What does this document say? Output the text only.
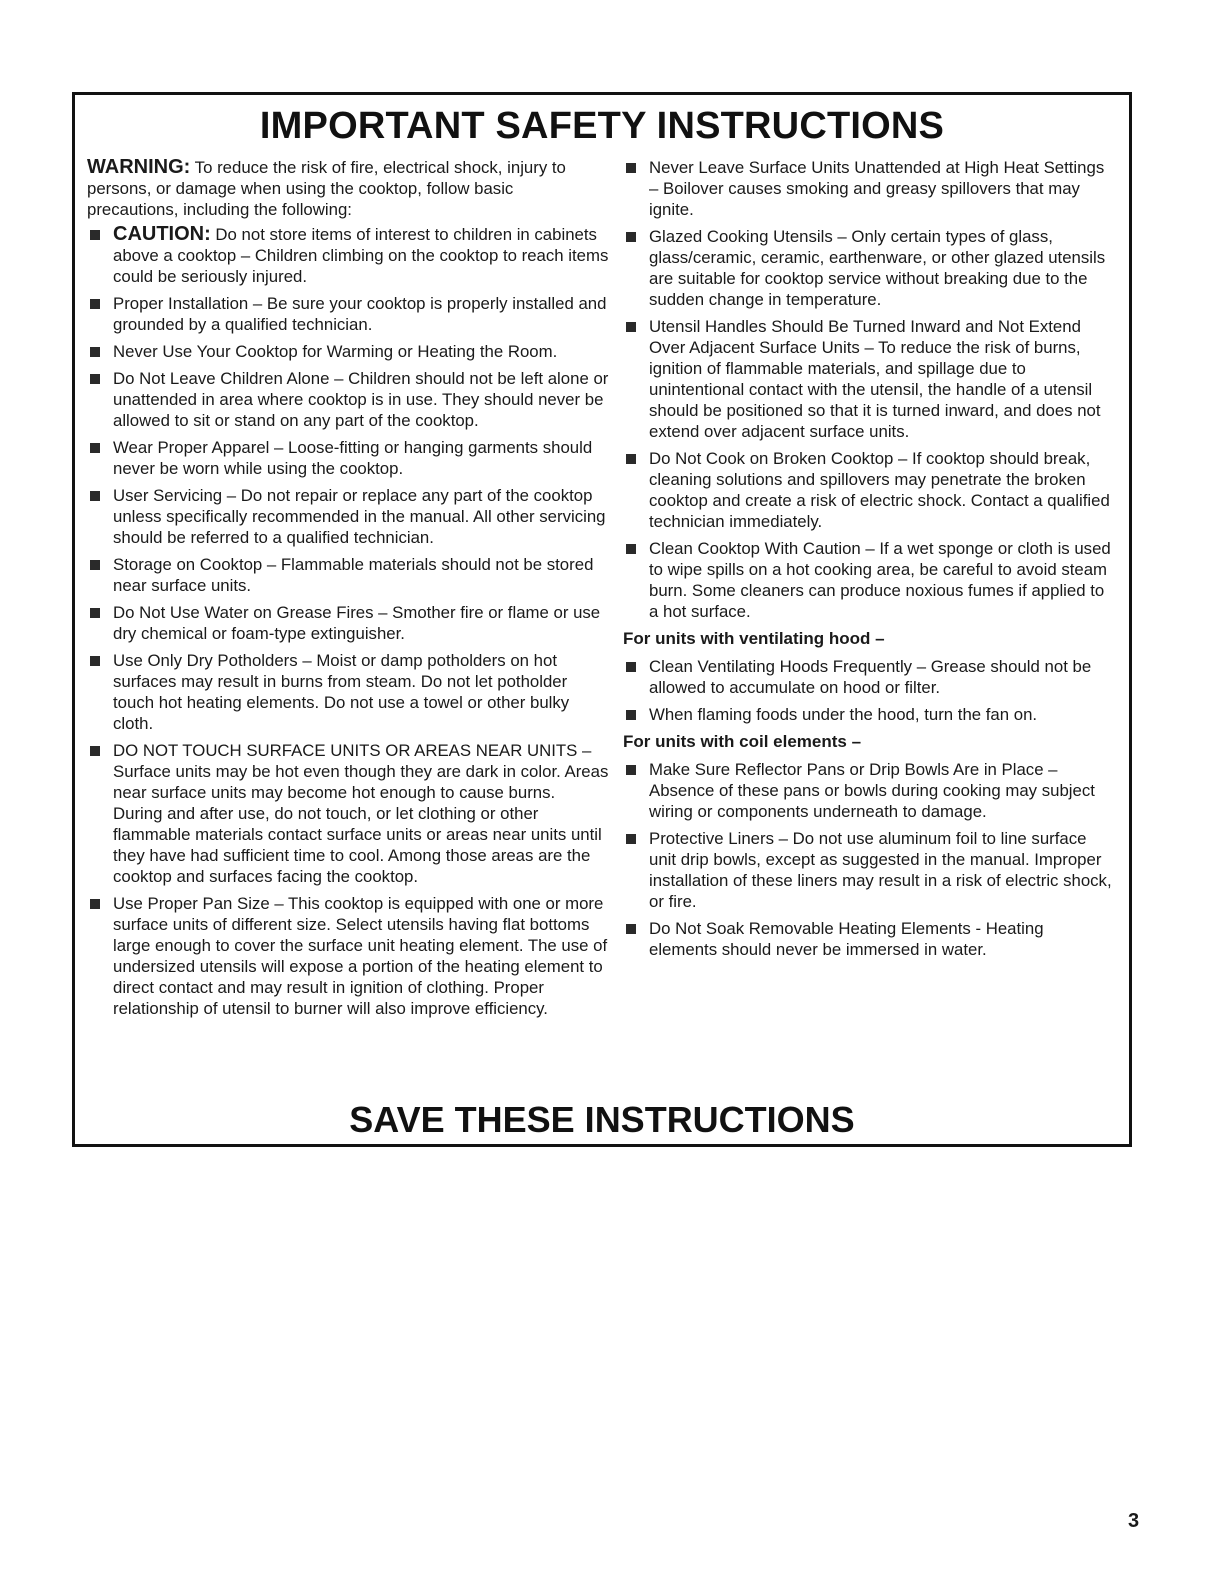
IMPORTANT SAFETY INSTRUCTIONS

WARNING: To reduce the risk of fire, electrical shock, injury to persons, or damage when using the cooktop, follow basic precautions, including the following:

CAUTION: Do not store items of interest to children in cabinets above a cooktop – Children climbing on the cooktop to reach items could be seriously injured.
Proper Installation – Be sure your cooktop is properly installed and grounded by a qualified technician.
Never Use Your Cooktop for Warming or Heating the Room.
Do Not Leave Children Alone – Children should not be left alone or unattended in area where cooktop is in use. They should never be allowed to sit or stand on any part of the cooktop.
Wear Proper Apparel – Loose-fitting or hanging garments should never be worn while using the cooktop.
User Servicing – Do not repair or replace any part of the cooktop unless specifically recommended in the manual. All other servicing should be referred to a qualified technician.
Storage on Cooktop – Flammable materials should not be stored near surface units.
Do Not Use Water on Grease Fires – Smother fire or flame or use dry chemical or foam-type extinguisher.
Use Only Dry Potholders – Moist or damp potholders on hot surfaces may result in burns from steam. Do not let potholder touch hot heating elements. Do not use a towel or other bulky cloth.
DO NOT TOUCH SURFACE UNITS OR AREAS NEAR UNITS – Surface units may be hot even though they are dark in color. Areas near surface units may become hot enough to cause burns. During and after use, do not touch, or let clothing or other flammable materials contact surface units or areas near units until they have had sufficient time to cool. Among those areas are the cooktop and surfaces facing the cooktop.
Use Proper Pan Size – This cooktop is equipped with one or more surface units of different size. Select utensils having flat bottoms large enough to cover the surface unit heating element. The use of undersized utensils will expose a portion of the heating element to direct contact and may result in ignition of clothing. Proper relationship of utensil to burner will also improve efficiency.
Never Leave Surface Units Unattended at High Heat Settings – Boilover causes smoking and greasy spillovers that may ignite.
Glazed Cooking Utensils – Only certain types of glass, glass/ceramic, ceramic, earthenware, or other glazed utensils are suitable for cooktop service without breaking due to the sudden change in temperature.
Utensil Handles Should Be Turned Inward and Not Extend Over Adjacent Surface Units – To reduce the risk of burns, ignition of flammable materials, and spillage due to unintentional contact with the utensil, the handle of a utensil should be positioned so that it is turned inward, and does not extend over adjacent surface units.
Do Not Cook on Broken Cooktop – If cooktop should break, cleaning solutions and spillovers may penetrate the broken cooktop and create a risk of electric shock. Contact a qualified technician immediately.
Clean Cooktop With Caution – If a wet sponge or cloth is used to wipe spills on a hot cooking area, be careful to avoid steam burn. Some cleaners can produce noxious fumes if applied to a hot surface.
For units with ventilating hood –
Clean Ventilating Hoods Frequently – Grease should not be allowed to accumulate on hood or filter.
When flaming foods under the hood, turn the fan on.
For units with coil elements –
Make Sure Reflector Pans or Drip Bowls Are in Place – Absence of these pans or bowls during cooking may subject wiring or components underneath to damage.
Protective Liners – Do not use aluminum foil to line surface unit drip bowls, except as suggested in the manual. Improper installation of these liners may result in a risk of electric shock, or fire.
Do Not Soak Removable Heating Elements - Heating elements should never be immersed in water.
SAVE THESE INSTRUCTIONS
3
